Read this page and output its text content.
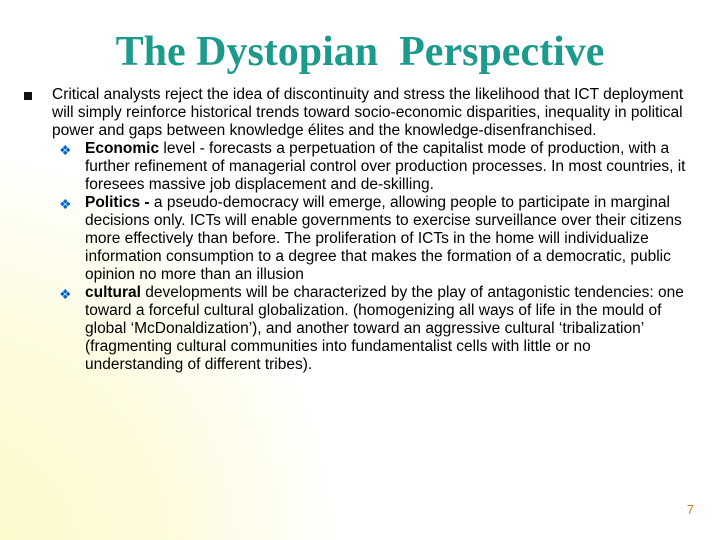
The Dystopian  Perspective
Critical analysts reject the idea of discontinuity and stress the likelihood that ICT deployment will simply reinforce historical trends toward socio-economic disparities, inequality in political power and gaps between knowledge élites and the knowledge-disenfranchised.
❖ Economic level - forecasts a perpetuation of the capitalist mode of production, with a further refinement of managerial control over production processes. In most countries, it foresees massive job displacement and de-skilling.
❖ Politics - a pseudo-democracy will emerge, allowing people to participate in marginal decisions only. ICTs will enable governments to exercise surveillance over their citizens more effectively than before. The proliferation of ICTs in the home will individualize information consumption to a degree that makes the formation of a democratic, public opinion no more than an illusion
❖ cultural developments will be characterized by the play of antagonistic tendencies: one toward a forceful cultural globalization. (homogenizing all ways of life in the mould of global ‘McDonaldization’), and another toward an aggressive cultural ‘tribalization’ (fragmenting cultural communities into fundamentalist cells with little or no understanding of different tribes).
7
